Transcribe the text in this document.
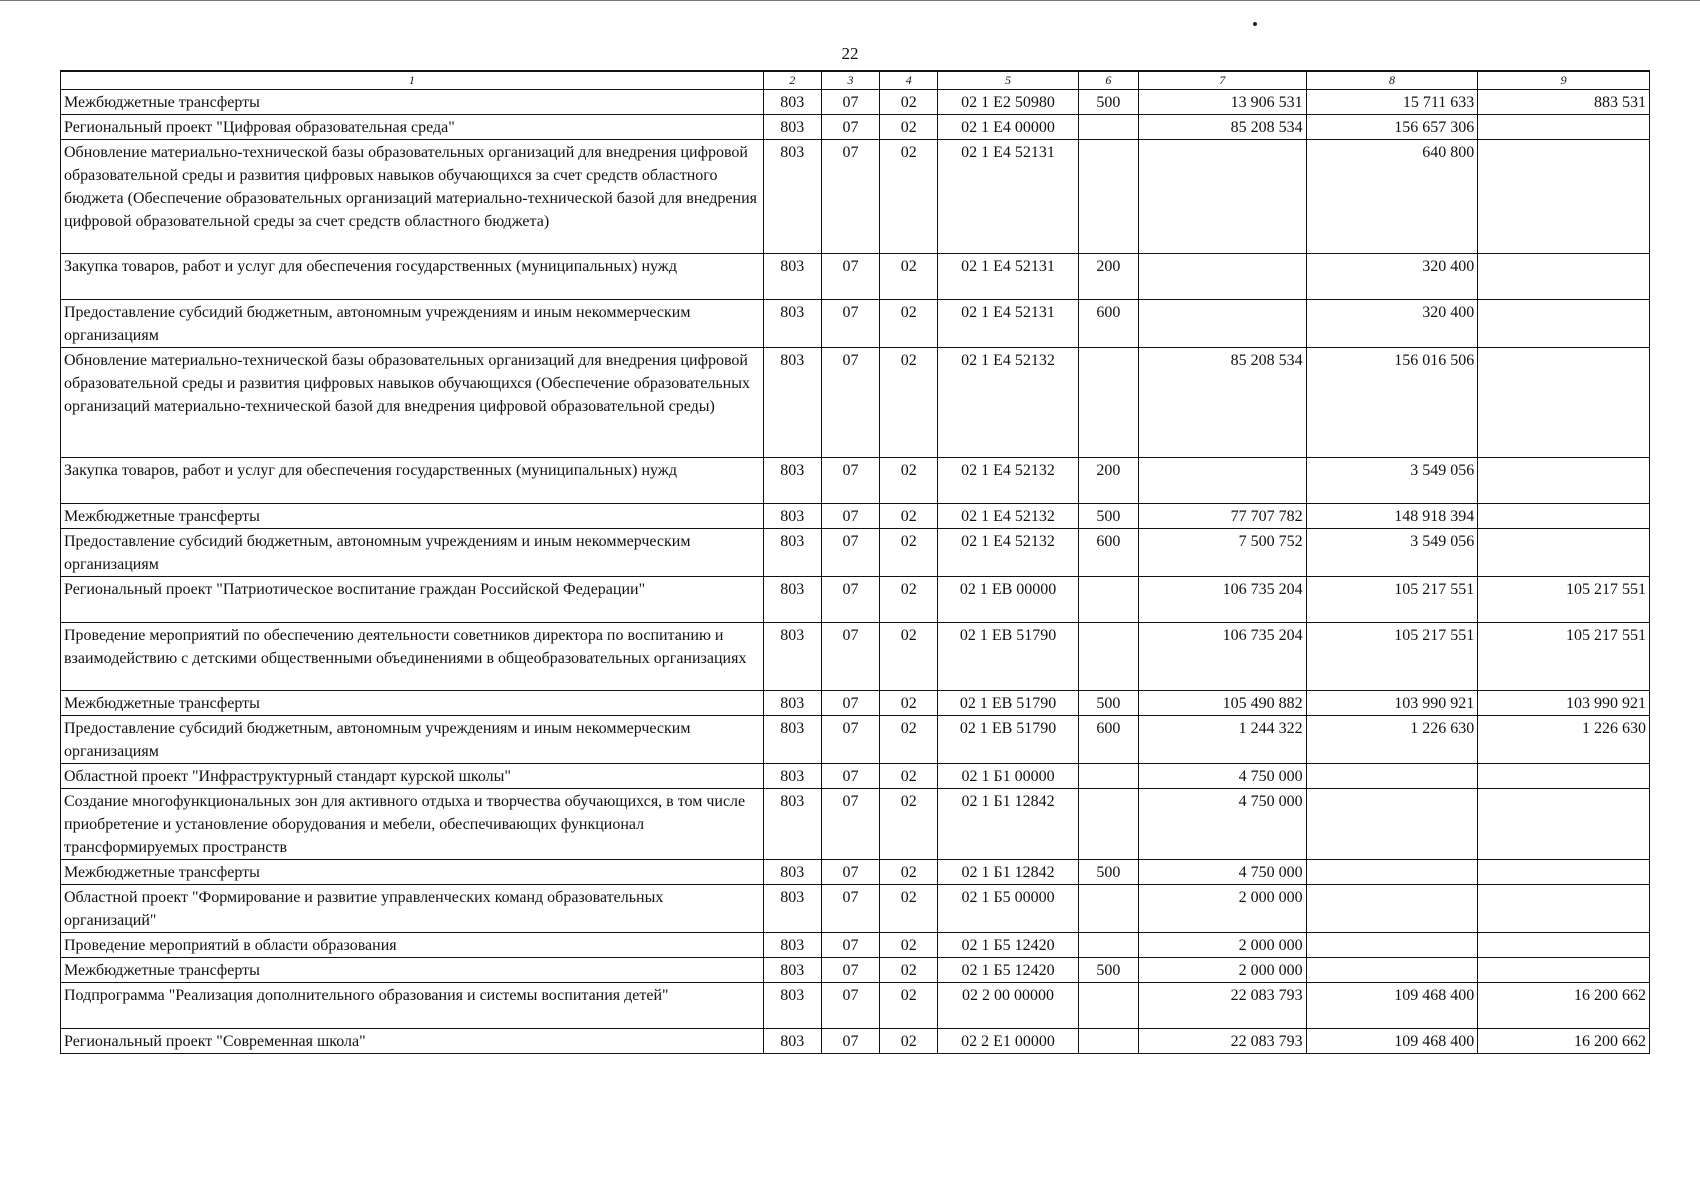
22
1	2	3	4	5	6	7	8	9
Межбюджетные трансферты	803	07	02	02 1 Е2 50980	500	13 906 531	15 711 633	883 531
Региональный проект "Цифровая образовательная среда"	803	07	02	02 1 Е4 00000		85 208 534	156 657 306	
Обновление материально-технической базы образовательных организаций для внедрения цифровой образовательной среды и развития цифровых навыков обучающихся за счет средств областного бюджета (Обеспечение образовательных организаций материально-технической базой для внедрения цифровой образовательной среды за счет средств областного бюджета)	803	07	02	02 1 Е4 52131			640 800	
Закупка товаров, работ и услуг для обеспечения государственных (муниципальных) нужд	803	07	02	02 1 Е4 52131	200		320 400	
Предоставление субсидий бюджетным, автономным учреждениям и иным некоммерческим организациям	803	07	02	02 1 Е4 52131	600		320 400	
Обновление материально-технической базы образовательных организаций для внедрения цифровой образовательной среды и развития цифровых навыков обучающихся (Обеспечение образовательных организаций материально-технической базой для внедрения цифровой образовательной среды)	803	07	02	02 1 Е4 52132		85 208 534	156 016 506	
Закупка товаров, работ и услуг для обеспечения государственных (муниципальных) нужд	803	07	02	02 1 Е4 52132	200		3 549 056	
Межбюджетные трансферты	803	07	02	02 1 Е4 52132	500	77 707 782	148 918 394	
Предоставление субсидий бюджетным, автономным учреждениям и иным некоммерческим организациям	803	07	02	02 1 Е4 52132	600	7 500 752	3 549 056	
Региональный проект "Патриотическое воспитание граждан Российской Федерации"	803	07	02	02 1 ЕВ 00000		106 735 204	105 217 551	105 217 551
Проведение мероприятий по обеспечению деятельности советников директора по воспитанию и взаимодействию с детскими общественными объединениями в общеобразовательных организациях	803	07	02	02 1 ЕВ 51790		106 735 204	105 217 551	105 217 551
Межбюджетные трансферты	803	07	02	02 1 ЕВ 51790	500	105 490 882	103 990 921	103 990 921
Предоставление субсидий бюджетным, автономным учреждениям и иным некоммерческим организациям	803	07	02	02 1 ЕВ 51790	600	1 244 322	1 226 630	1 226 630
Областной проект "Инфраструктурный стандарт курской школы"	803	07	02	02 1 Б1 00000		4 750 000		
Создание многофункциональных зон для активного отдыха и творчества обучающихся, в том числе приобретение и установление оборудования и мебели, обеспечивающих функционал трансформируемых пространств	803	07	02	02 1 Б1 12842		4 750 000		
Межбюджетные трансферты	803	07	02	02 1 Б1 12842	500	4 750 000		
Областной проект "Формирование и развитие управленческих команд образовательных организаций"	803	07	02	02 1 Б5 00000		2 000 000		
Проведение мероприятий в области образования	803	07	02	02 1 Б5 12420		2 000 000		
Межбюджетные трансферты	803	07	02	02 1 Б5 12420	500	2 000 000		
Подпрограмма "Реализация дополнительного образования и системы воспитания детей"	803	07	02	02 2 00 00000		22 083 793	109 468 400	16 200 662
Региональный проект "Современная школа"	803	07	02	02 2 Е1 00000		22 083 793	109 468 400	16 200 662
